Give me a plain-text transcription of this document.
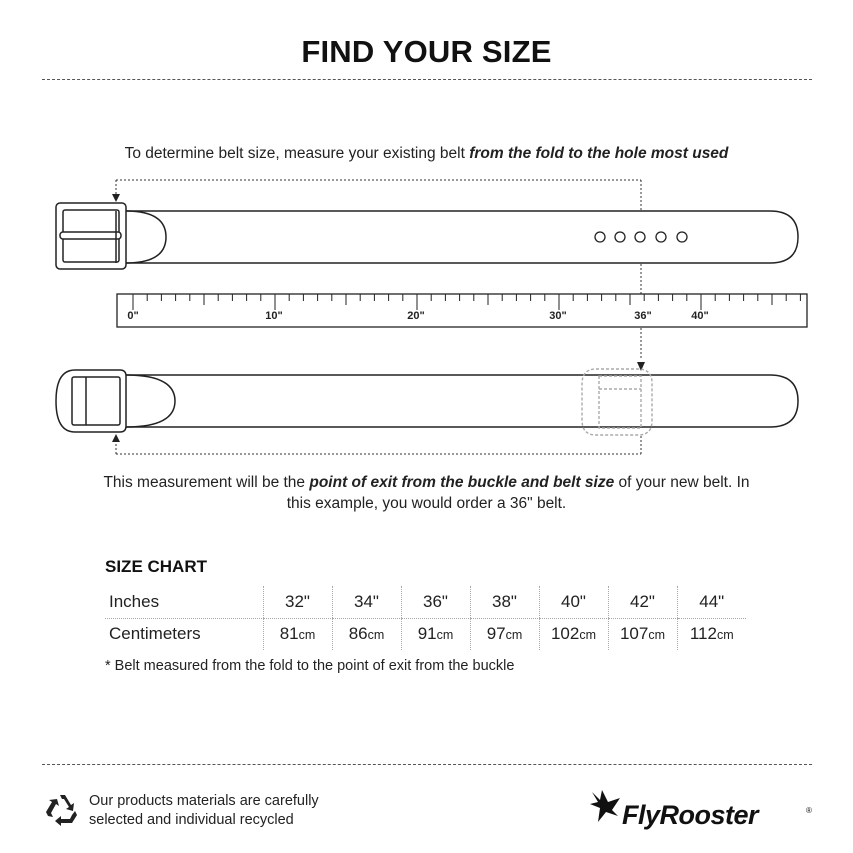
FIND YOUR SIZE
To determine belt size, measure your existing belt from the fold to the hole most used
0"	10"	20"	30"	36"	40"
This measurement will be the point of exit from the buckle and belt size of your new belt. In this example, you would order a 36" belt.
SIZE CHART
Inches	32"	34"	36"	38"	40"	42"	44"
Centimeters	81cm	86cm	91cm	97cm	102cm	107cm	112cm
* Belt measured from the fold to the point of exit from the buckle
Our products materials are carefully
selected and individual recycled	FlyRooster	®
